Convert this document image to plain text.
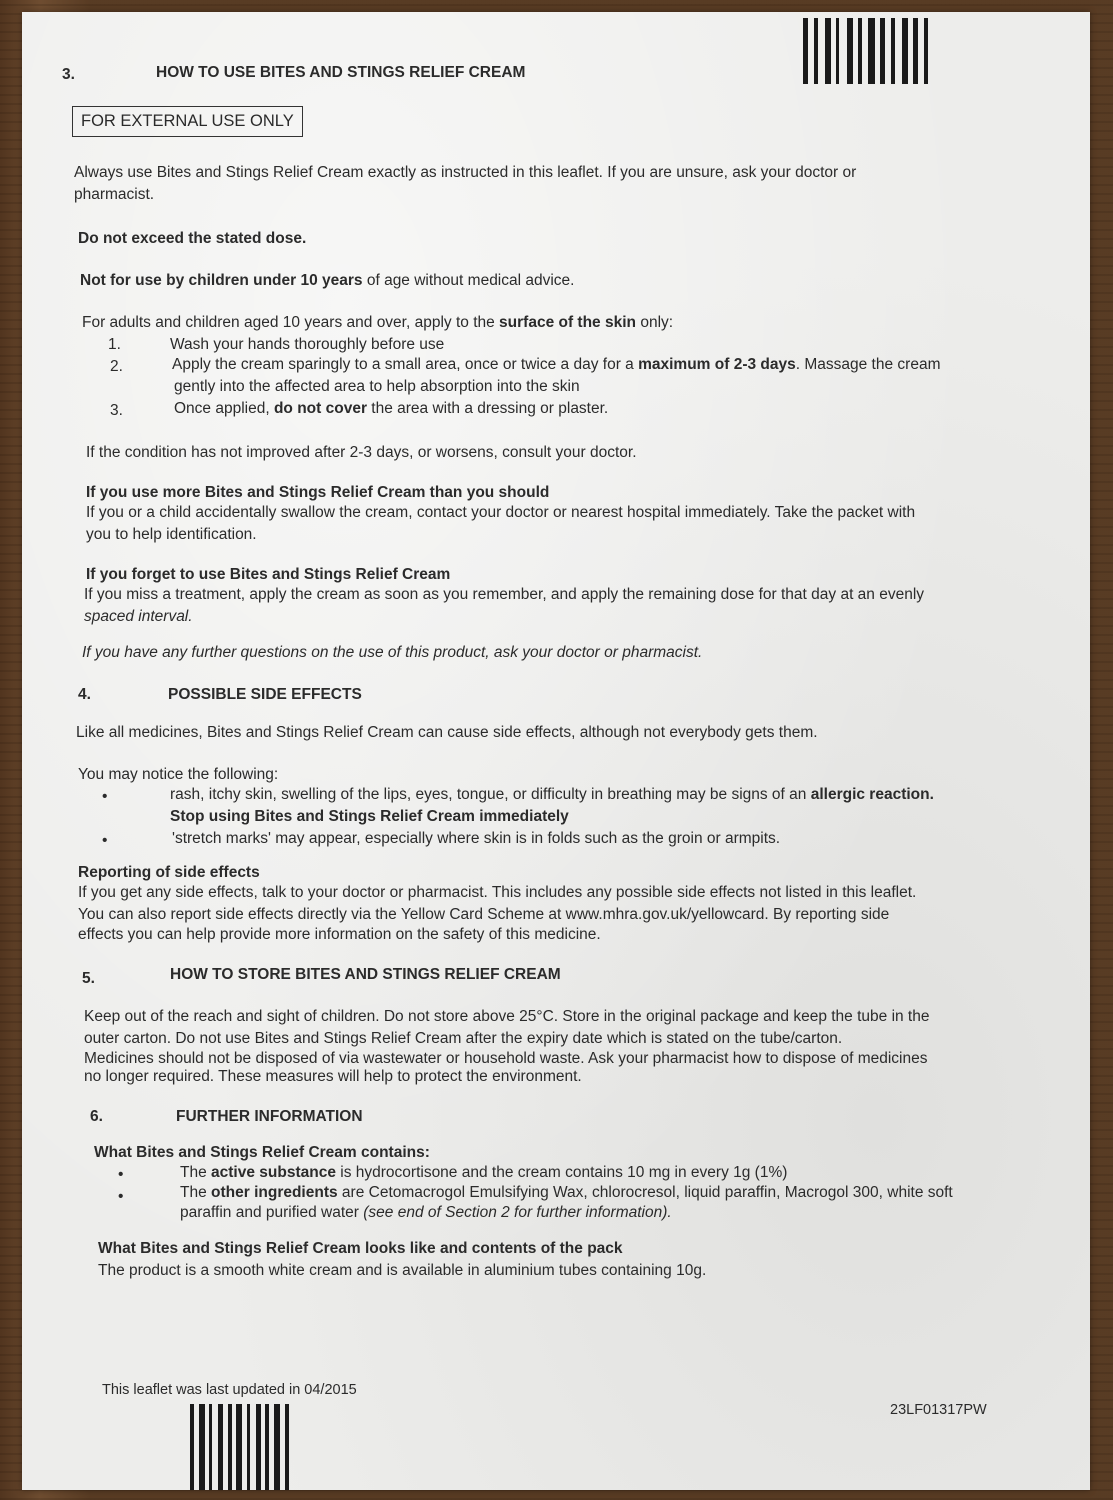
3.	HOW TO USE BITES AND STINGS RELIEF CREAM
FOR EXTERNAL USE ONLY
Always use Bites and Stings Relief Cream exactly as instructed in this leaflet. If you are unsure, ask your doctor or
pharmacist.
Do not exceed the stated dose.
Not for use by children under 10 years of age without medical advice.
For adults and children aged 10 years and over, apply to the surface of the skin only:
1.	Wash your hands thoroughly before use
2.	Apply the cream sparingly to a small area, once or twice a day for a maximum of 2-3 days. Massage the cream
gently into the affected area to help absorption into the skin
3.	Once applied, do not cover the area with a dressing or plaster.
If the condition has not improved after 2-3 days, or worsens, consult your doctor.
If you use more Bites and Stings Relief Cream than you should
If you or a child accidentally swallow the cream, contact your doctor or nearest hospital immediately. Take the packet with
you to help identification.
If you forget to use Bites and Stings Relief Cream
If you miss a treatment, apply the cream as soon as you remember, and apply the remaining dose for that day at an evenly
spaced interval.
If you have any further questions on the use of this product, ask your doctor or pharmacist.
4.	POSSIBLE SIDE EFFECTS
Like all medicines, Bites and Stings Relief Cream can cause side effects, although not everybody gets them.
You may notice the following:
•	rash, itchy skin, swelling of the lips, eyes, tongue, or difficulty in breathing may be signs of an allergic reaction.
Stop using Bites and Stings Relief Cream immediately
•	'stretch marks' may appear, especially where skin is in folds such as the groin or armpits.
Reporting of side effects
If you get any side effects, talk to your doctor or pharmacist. This includes any possible side effects not listed in this leaflet.
You can also report side effects directly via the Yellow Card Scheme at www.mhra.gov.uk/yellowcard. By reporting side
effects you can help provide more information on the safety of this medicine.
5.	HOW TO STORE BITES AND STINGS RELIEF CREAM
Keep out of the reach and sight of children. Do not store above 25°C. Store in the original package and keep the tube in the
outer carton. Do not use Bites and Stings Relief Cream after the expiry date which is stated on the tube/carton.
Medicines should not be disposed of via wastewater or household waste. Ask your pharmacist how to dispose of medicines
no longer required. These measures will help to protect the environment.
6.	FURTHER INFORMATION
What Bites and Stings Relief Cream contains:
•	The active substance is hydrocortisone and the cream contains 10 mg in every 1g (1%)
•	The other ingredients are Cetomacrogol Emulsifying Wax, chlorocresol, liquid paraffin, Macrogol 300, white soft
paraffin and purified water (see end of Section 2 for further information).
What Bites and Stings Relief Cream looks like and contents of the pack
The product is a smooth white cream and is available in aluminium tubes containing 10g.
This leaflet was last updated in 04/2015
23LF01317PW
